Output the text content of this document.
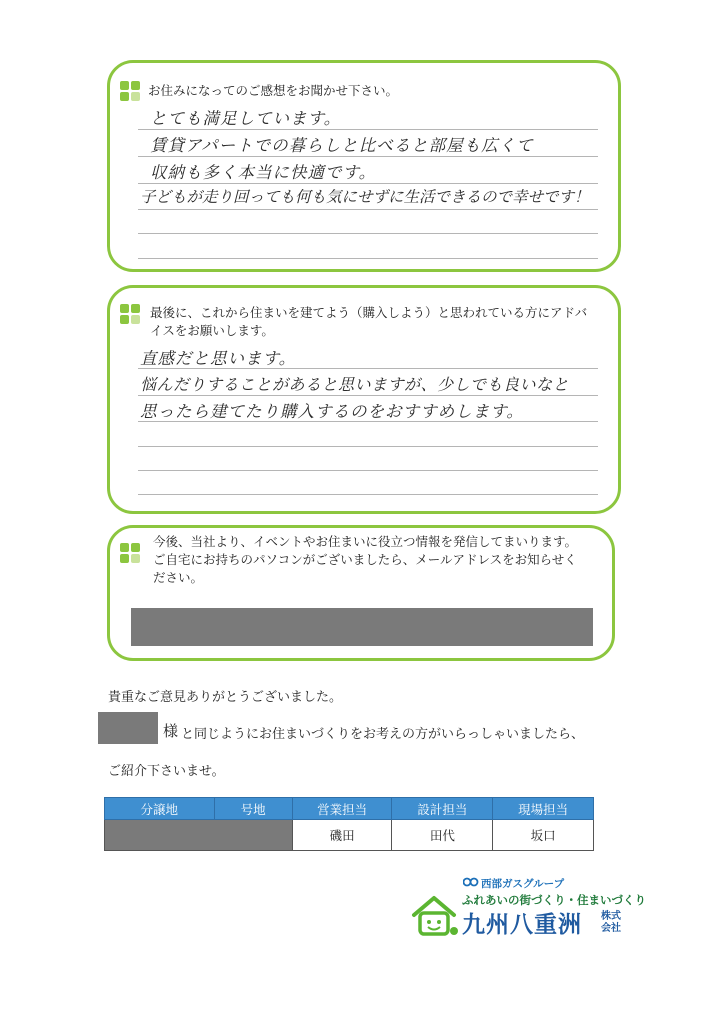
お住みになってのご感想をお聞かせ下さい。
とても満足しています。
賃貸アパートでの暮らしと比べると部屋も広くて
収納も多く本当に快適です。
子どもが走り回っても何も気にせずに生活できるので幸せです！
最後に、これから住まいを建てよう（購入しよう）と思われている方にアドバイスをお願いします。
直感だと思います。
悩んだりすることがあると思いますが、少しでも良いなと
思ったら建てたり購入するのをおすすめします。
今後、当社より、イベントやお住まいに役立つ情報を発信してまいります。ご自宅にお持ちのパソコンがございましたら、メールアドレスをお知らせください。
貴重なご意見ありがとうございました。
様 と同じようにお住まいづくりをお考えの方がいらっしゃいましたら、
ご紹介下さいませ。
分譲地	号地	営業担当	設計担当	現場担当
		磯田	田代	坂口
西部ガスグループ
ふれあいの街づくり・住まいづくり
九州八重洲 株式
会社
